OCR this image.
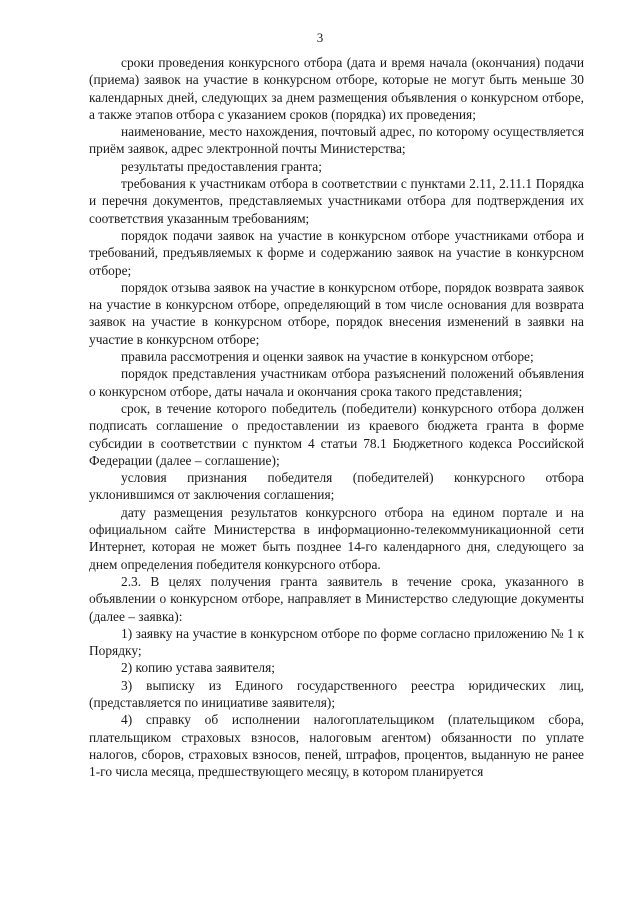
3

сроки проведения конкурсного отбора (дата и время начала (окончания) подачи (приема) заявок на участие в конкурсном отборе, которые не могут быть меньше 30 календарных дней, следующих за днем размещения объявления о конкурсном отборе, а также этапов отбора с указанием сроков (порядка) их проведения;

наименование, место нахождения, почтовый адрес, по которому осуществляется приём заявок, адрес электронной почты Министерства;

результаты предоставления гранта;

требования к участникам отбора в соответствии с пунктами 2.11, 2.11.1 Порядка и перечня документов, представляемых участниками отбора для подтверждения их соответствия указанным требованиям;

порядок подачи заявок на участие в конкурсном отборе участниками отбора и требований, предъявляемых к форме и содержанию заявок на участие в конкурсном отборе;

порядок отзыва заявок на участие в конкурсном отборе, порядок возврата заявок на участие в конкурсном отборе, определяющий в том числе основания для возврата заявок на участие в конкурсном отборе, порядок внесения изменений в заявки на участие в конкурсном отборе;

правила рассмотрения и оценки заявок на участие в конкурсном отборе;

порядок представления участникам отбора разъяснений положений объявления о конкурсном отборе, даты начала и окончания срока такого представления;

срок, в течение которого победитель (победители) конкурсного отбора должен подписать соглашение о предоставлении из краевого бюджета гранта в форме субсидии в соответствии с пунктом 4 статьи 78.1 Бюджетного кодекса Российской Федерации (далее – соглашение);

условия признания победителя (победителей) конкурсного отбора уклонившимся от заключения соглашения;

дату размещения результатов конкурсного отбора на едином портале и на официальном сайте Министерства в информационно-телекоммуникационной сети Интернет, которая не может быть позднее 14-го календарного дня, следующего за днем определения победителя конкурсного отбора.

2.3. В целях получения гранта заявитель в течение срока, указанного в объявлении о конкурсном отборе, направляет в Министерство следующие документы (далее – заявка):

1) заявку на участие в конкурсном отборе по форме согласно приложению № 1 к Порядку;

2) копию устава заявителя;

3) выписку из Единого государственного реестра юридических лиц, (представляется по инициативе заявителя);

4) справку об исполнении налогоплательщиком (плательщиком сбора, плательщиком страховых взносов, налоговым агентом) обязанности по уплате налогов, сборов, страховых взносов, пеней, штрафов, процентов, выданную не ранее 1-го числа месяца, предшествующего месяцу, в котором планируется
